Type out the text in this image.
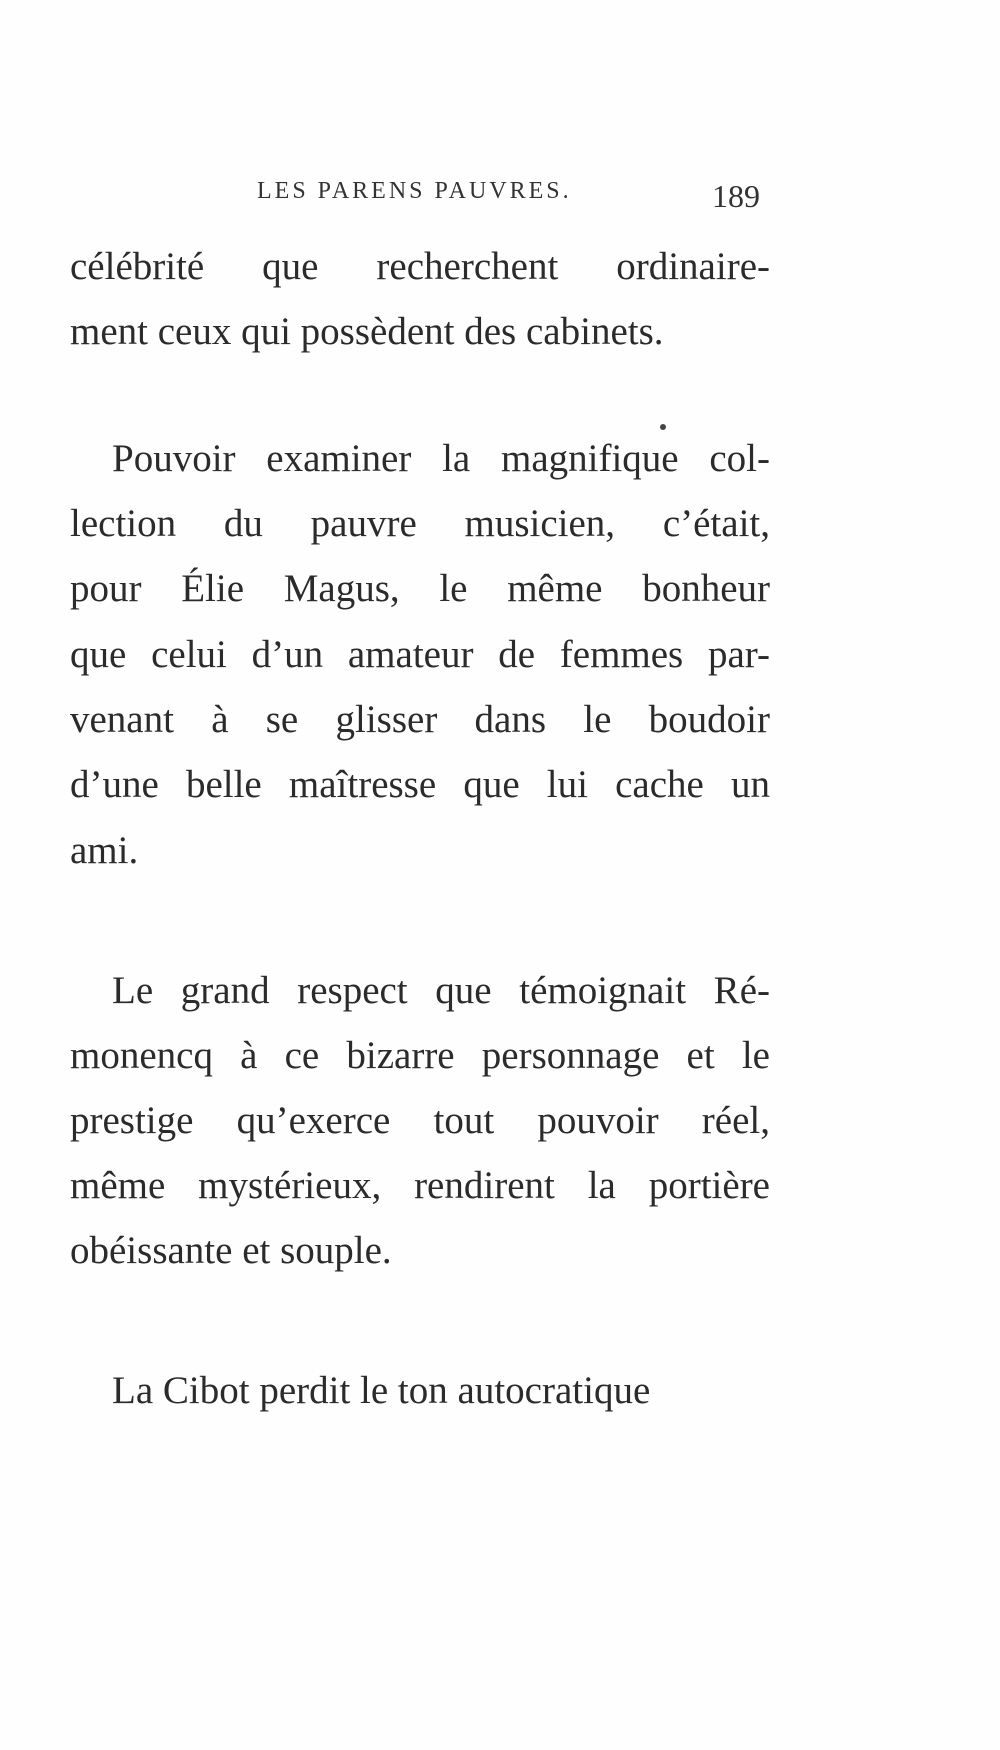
LES PARENS PAUVRES.	189
célébrité que recherchent ordinaire-
ment ceux qui possèdent des cabinets.
Pouvoir examiner la magnifique col-
lection du pauvre musicien, c’était,
pour Élie Magus, le même bonheur
que celui d’un amateur de femmes par-
venant à se glisser dans le boudoir
d’une belle maîtresse que lui cache un
ami.
Le grand respect que témoignait Ré-
monencq à ce bizarre personnage et le
prestige qu’exerce tout pouvoir réel,
même mystérieux, rendirent la portière
obéissante et souple.
La Cibot perdit le ton autocratique
